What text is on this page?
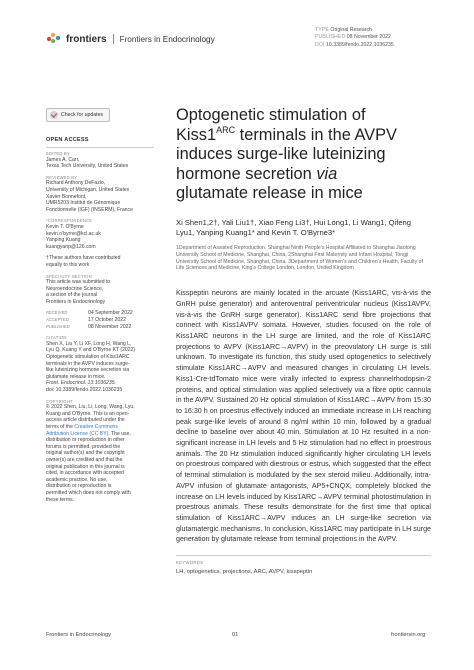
frontiers Frontiers in Endocrinology
TYPE Original Research
PUBLISHED 08 November 2022
DOI 10.3389/fendo.2022.1036235
Check for updates
OPEN ACCESS
EDITED BY
James A. Carr,
Texas Tech University, United States
REVIEWED BY
Richard Anthony DeFazio,
University of Michigan, United States
Xavier Bonnefont,
UMR5203 Institut de Génomique
Fonctionnelle (IGF) (INSERM), France
*CORRESPONDENCE
Kevin T. O'Byrne
kevin.o'byrne@kcl.ac.uk
Yanping Kuang
kuangyanp@126.com
†These authors have contributed
equally to this work
SPECIALTY SECTION
This article was submitted to
Neuroendocrine Science,
a section of the journal
Frontiers in Endocrinology
RECEIVED	04 September 2022
ACCEPTED	17 October 2022
PUBLISHED	08 November 2022
CITATION
Shen X, Liu Y, Li XF, Long H, Wang L,
Lyu Q, Kuang Y and O'Byrne KT (2022)
Optogenetic stimulation of Kiss1ARC
terminals in the AVPV induces surge-
like luteinizing hormone secretion via
glutamate release in mice.
Front. Endocrinol. 13:1036235.
doi: 10.3389/fendo.2022.1036235
COPYRIGHT
© 2022 Shen, Liu, Li, Long, Wang, Lyu,
Kuang and O'Byrne. This is an open-
access article distributed under the
terms of the Creative Commons
Attribution License (CC BY). The use,
distribution or reproduction in other
forums is permitted, provided the
original author(s) and the copyright
owner(s) are credited and that the
original publication in this journal is
cited, in accordance with accepted
academic practice. No use,
distribution or reproduction is
permitted which does not comply with
these terms.
Optogenetic stimulation of
$Kiss1^{ARC}$ terminals in the AVPV
induces surge-like luteinizing
hormone secretion via
glutamate release in mice
Xi Shen1,2†, Yali Liu1†, Xiao Feng Li3†, Hui Long1, Li Wang1, Qifeng Lyu1, Yanping Kuang1* and Kevin T. O'Byrne3*
1Department of Assisted Reproduction, Shanghai Ninth People's Hospital Affiliated to Shanghai Jiaotong University School of Medicine, Shanghai, China, 2Shanghai First Maternity and Infant Hospital, Tongji University School of Medicine, Shanghai, China, 3Department of Women's and Children's Health, Faculty of Life Sciences and Medicine, King's College London, London, United Kingdom

Kisspeptin neurons are mainly located in the arcuate (Kiss1ARC, vis-à-vis the GnRH pulse generator) and anteroventral periventricular nucleus (Kiss1AVPV, vis-à-vis the GnRH surge generator). Kiss1ARC send fibre projections that connect with Kiss1AVPV somata. However, studies focused on the role of Kiss1ARC neurons in the LH surge are limited, and the role of Kiss1ARC projections to AVPV (Kiss1ARC→AVPV) in the preovulatory LH surge is still unknown. To investigate its function, this study used optogenetics to selectively stimulate Kiss1ARC→AVPV and measured changes in circulating LH levels. Kiss1-Cre-tdTomato mice were virally infected to express channelrhodopsin-2 proteins, and optical stimulation was applied selectively via a fibre optic cannula in the AVPV. Sustained 20 Hz optical stimulation of Kiss1ARC→AVPV from 15:30 to 16:30 h on proestrus effectively induced an immediate increase in LH reaching peak surge-like levels of around 8 ng/ml within 10 min, followed by a gradual decline to baseline over about 40 min. Stimulation at 10 Hz resulted in a non-significant increase in LH levels and 5 Hz stimulation had no effect in proestrous animals. The 20 Hz stimulation induced significantly higher circulating LH levels on proestrous compared with diestrous or estrus, which suggested that the effect of terminal stimulation is modulated by the sex steroid milieu. Additionally, intra-AVPV infusion of glutamate antagonists, AP5+CNQX, completely blocked the increase on LH levels induced by Kiss1ARC→AVPV terminal photostimulation in proestrous animals. These results demonstrate for the first time that optical stimulation of Kiss1ARC→AVPV induces an LH surge-like secretion via glutamatergic mechanisms. In conclusion, Kiss1ARC may participate in LH surge generation by glutamate release from terminal projections in the AVPV.

KEYWORDS
LH, optogenetics, projections, ARC, AVPV, kisspeptin
Frontiers in Endocrinology	01	frontiersin.org
